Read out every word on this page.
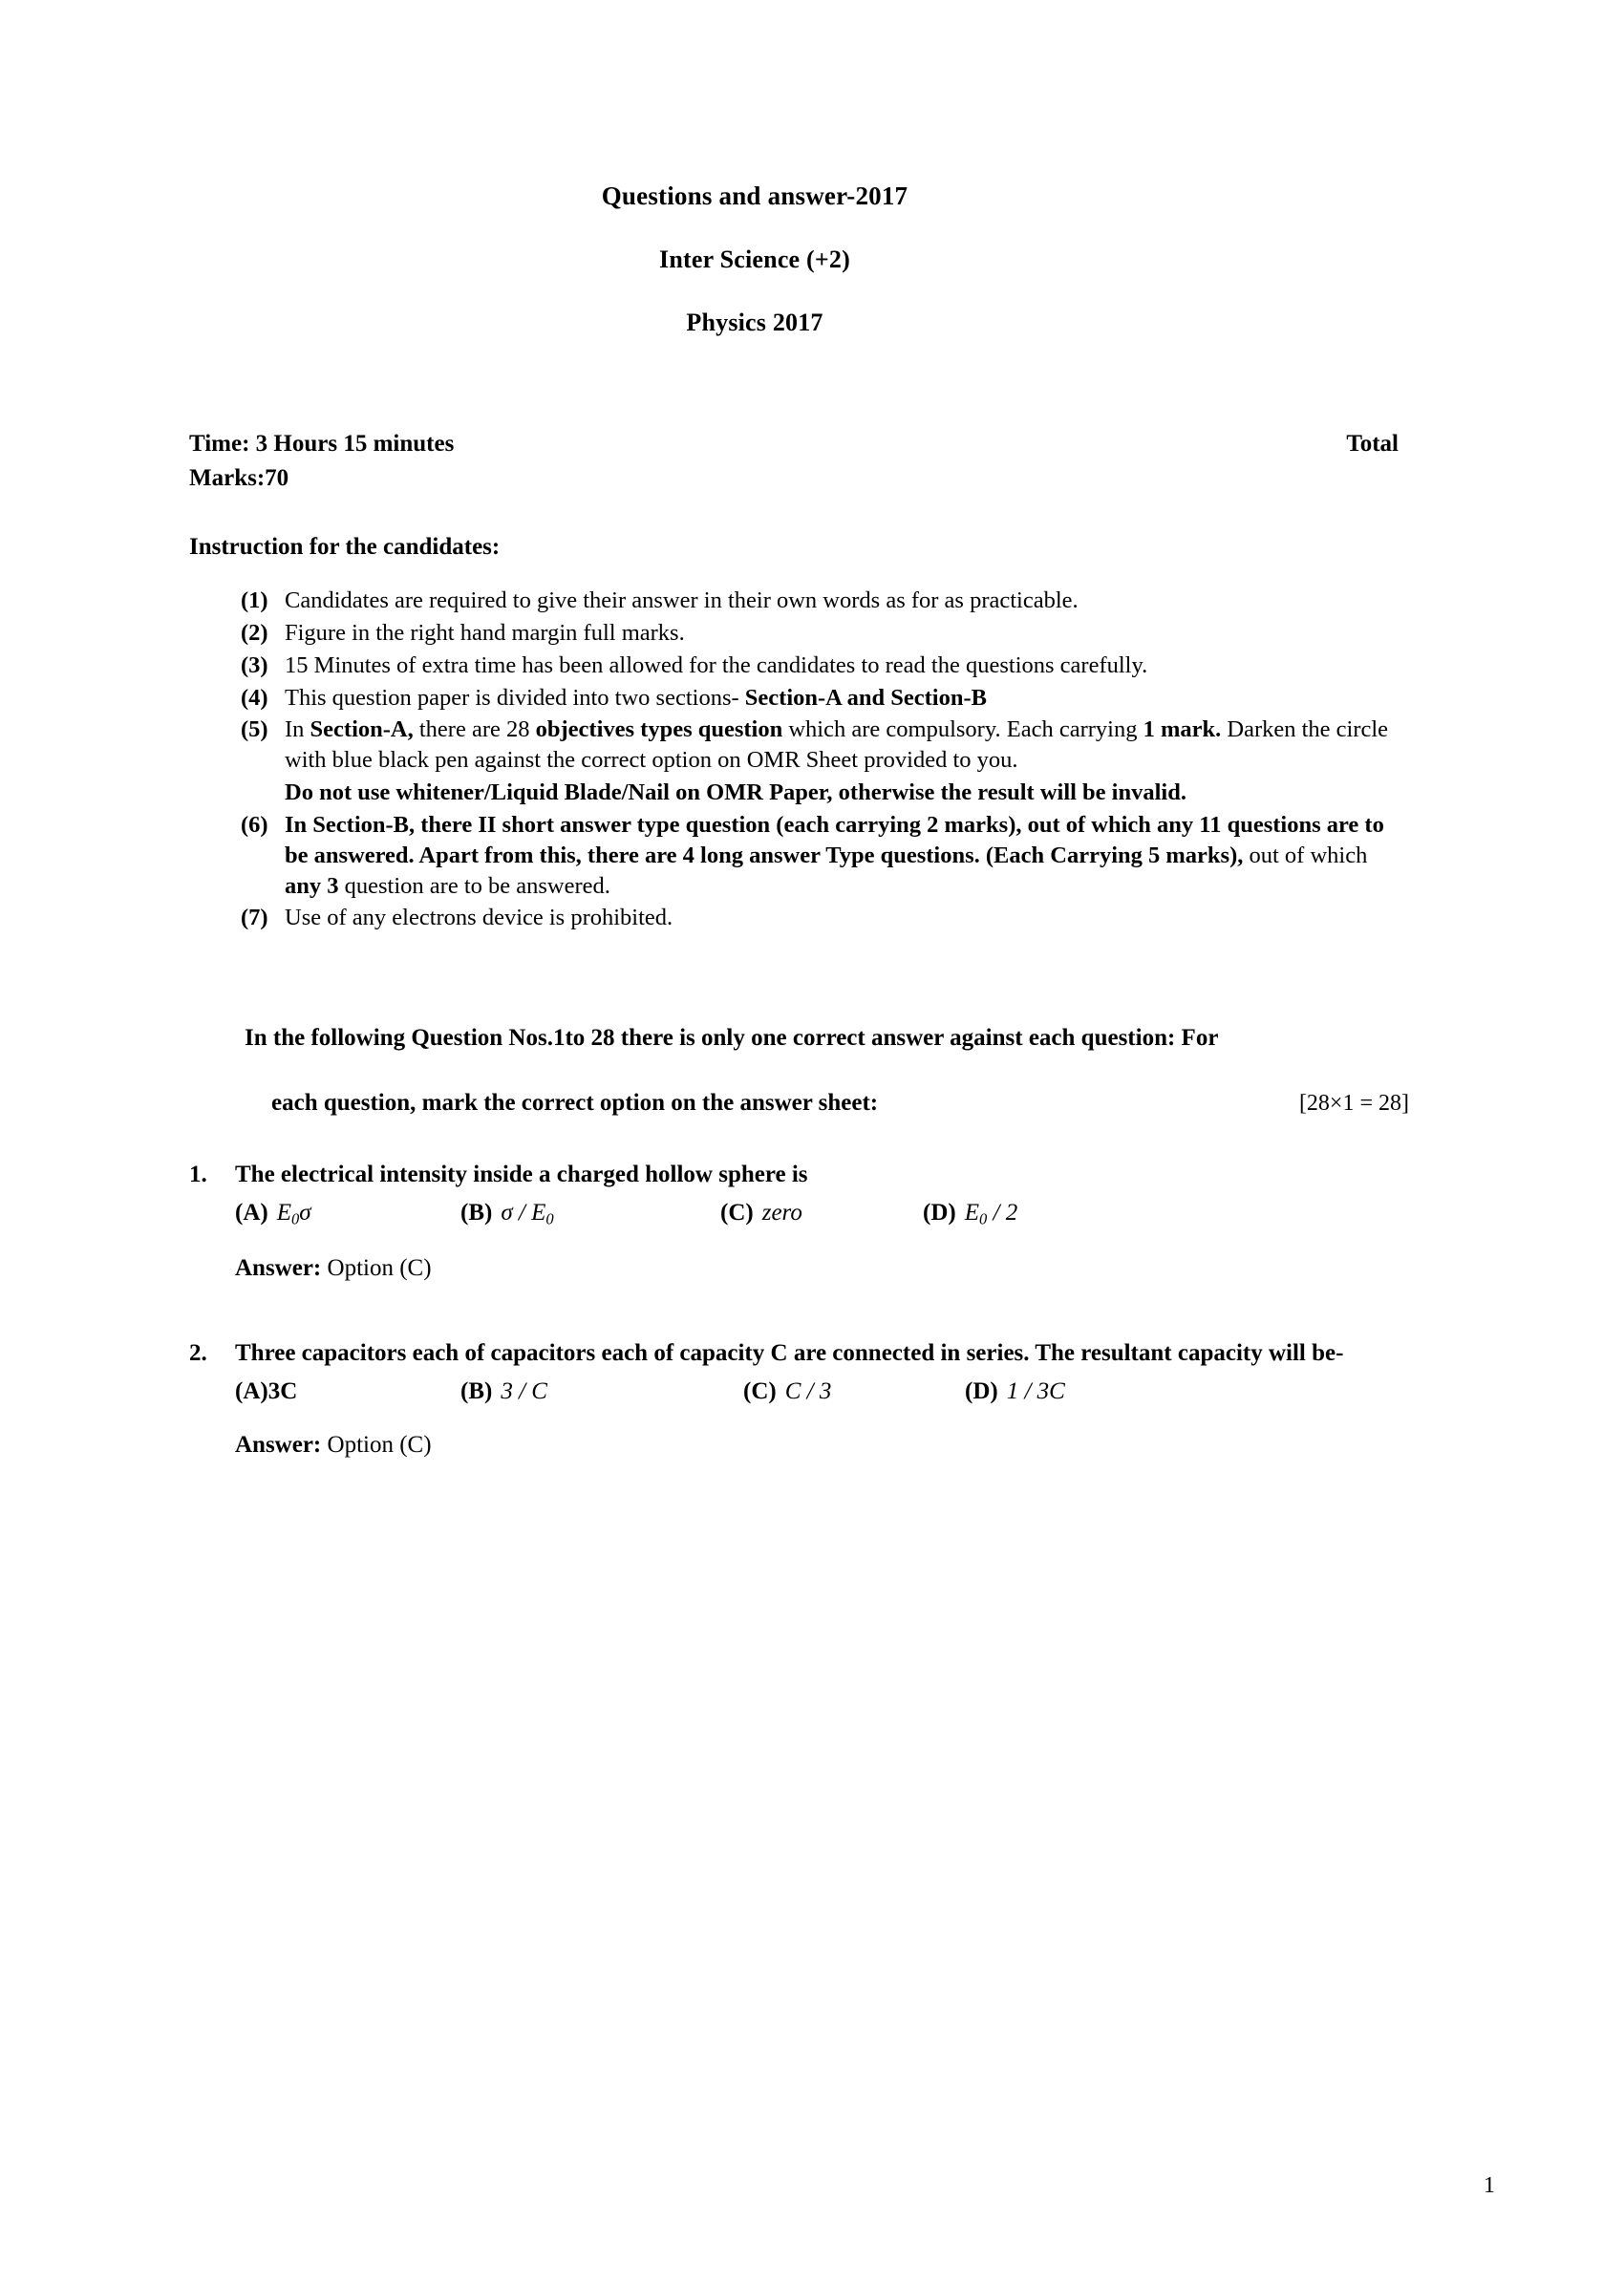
Questions and answer-2017
Inter Science (+2)
Physics 2017
Time: 3 Hours 15 minutes	Total
Marks:70
Instruction for the candidates:
(1) Candidates are required to give their answer in their own words as for as practicable.
(2) Figure in the right hand margin full marks.
(3) 15 Minutes of extra time has been allowed for the candidates to read the questions carefully.
(4) This question paper is divided into two sections- Section-A and Section-B
(5) In Section-A, there are 28 objectives types question which are compulsory. Each carrying 1 mark. Darken the circle with blue black pen against the correct option on OMR Sheet provided to you.
Do not use whitener/Liquid Blade/Nail on OMR Paper, otherwise the result will be invalid.
(6) In Section-B, there II short answer type question (each carrying 2 marks), out of which any 11 questions are to be answered. Apart from this, there are 4 long answer Type questions. (Each Carrying 5 marks), out of which any 3 question are to be answered.
(7) Use of any electrons device is prohibited.
In the following Question Nos.1to 28 there is only one correct answer against each question: For
each question, mark the correct option on the answer sheet:	[28×1 = 28]
1.	The electrical intensity inside a charged hollow sphere is
(A) $E_0\sigma$	(B) σ / $E_0$	(C) zero	(D) $E_0 / 2$
Answer: Option (C)
2.	Three capacitors each of capacitors each of capacity C are connected in series. The resultant capacity will be-
(A) 3C	(B) 3 / C	(C) C / 3	(D) 1 / 3C
Answer: Option (C)
1
